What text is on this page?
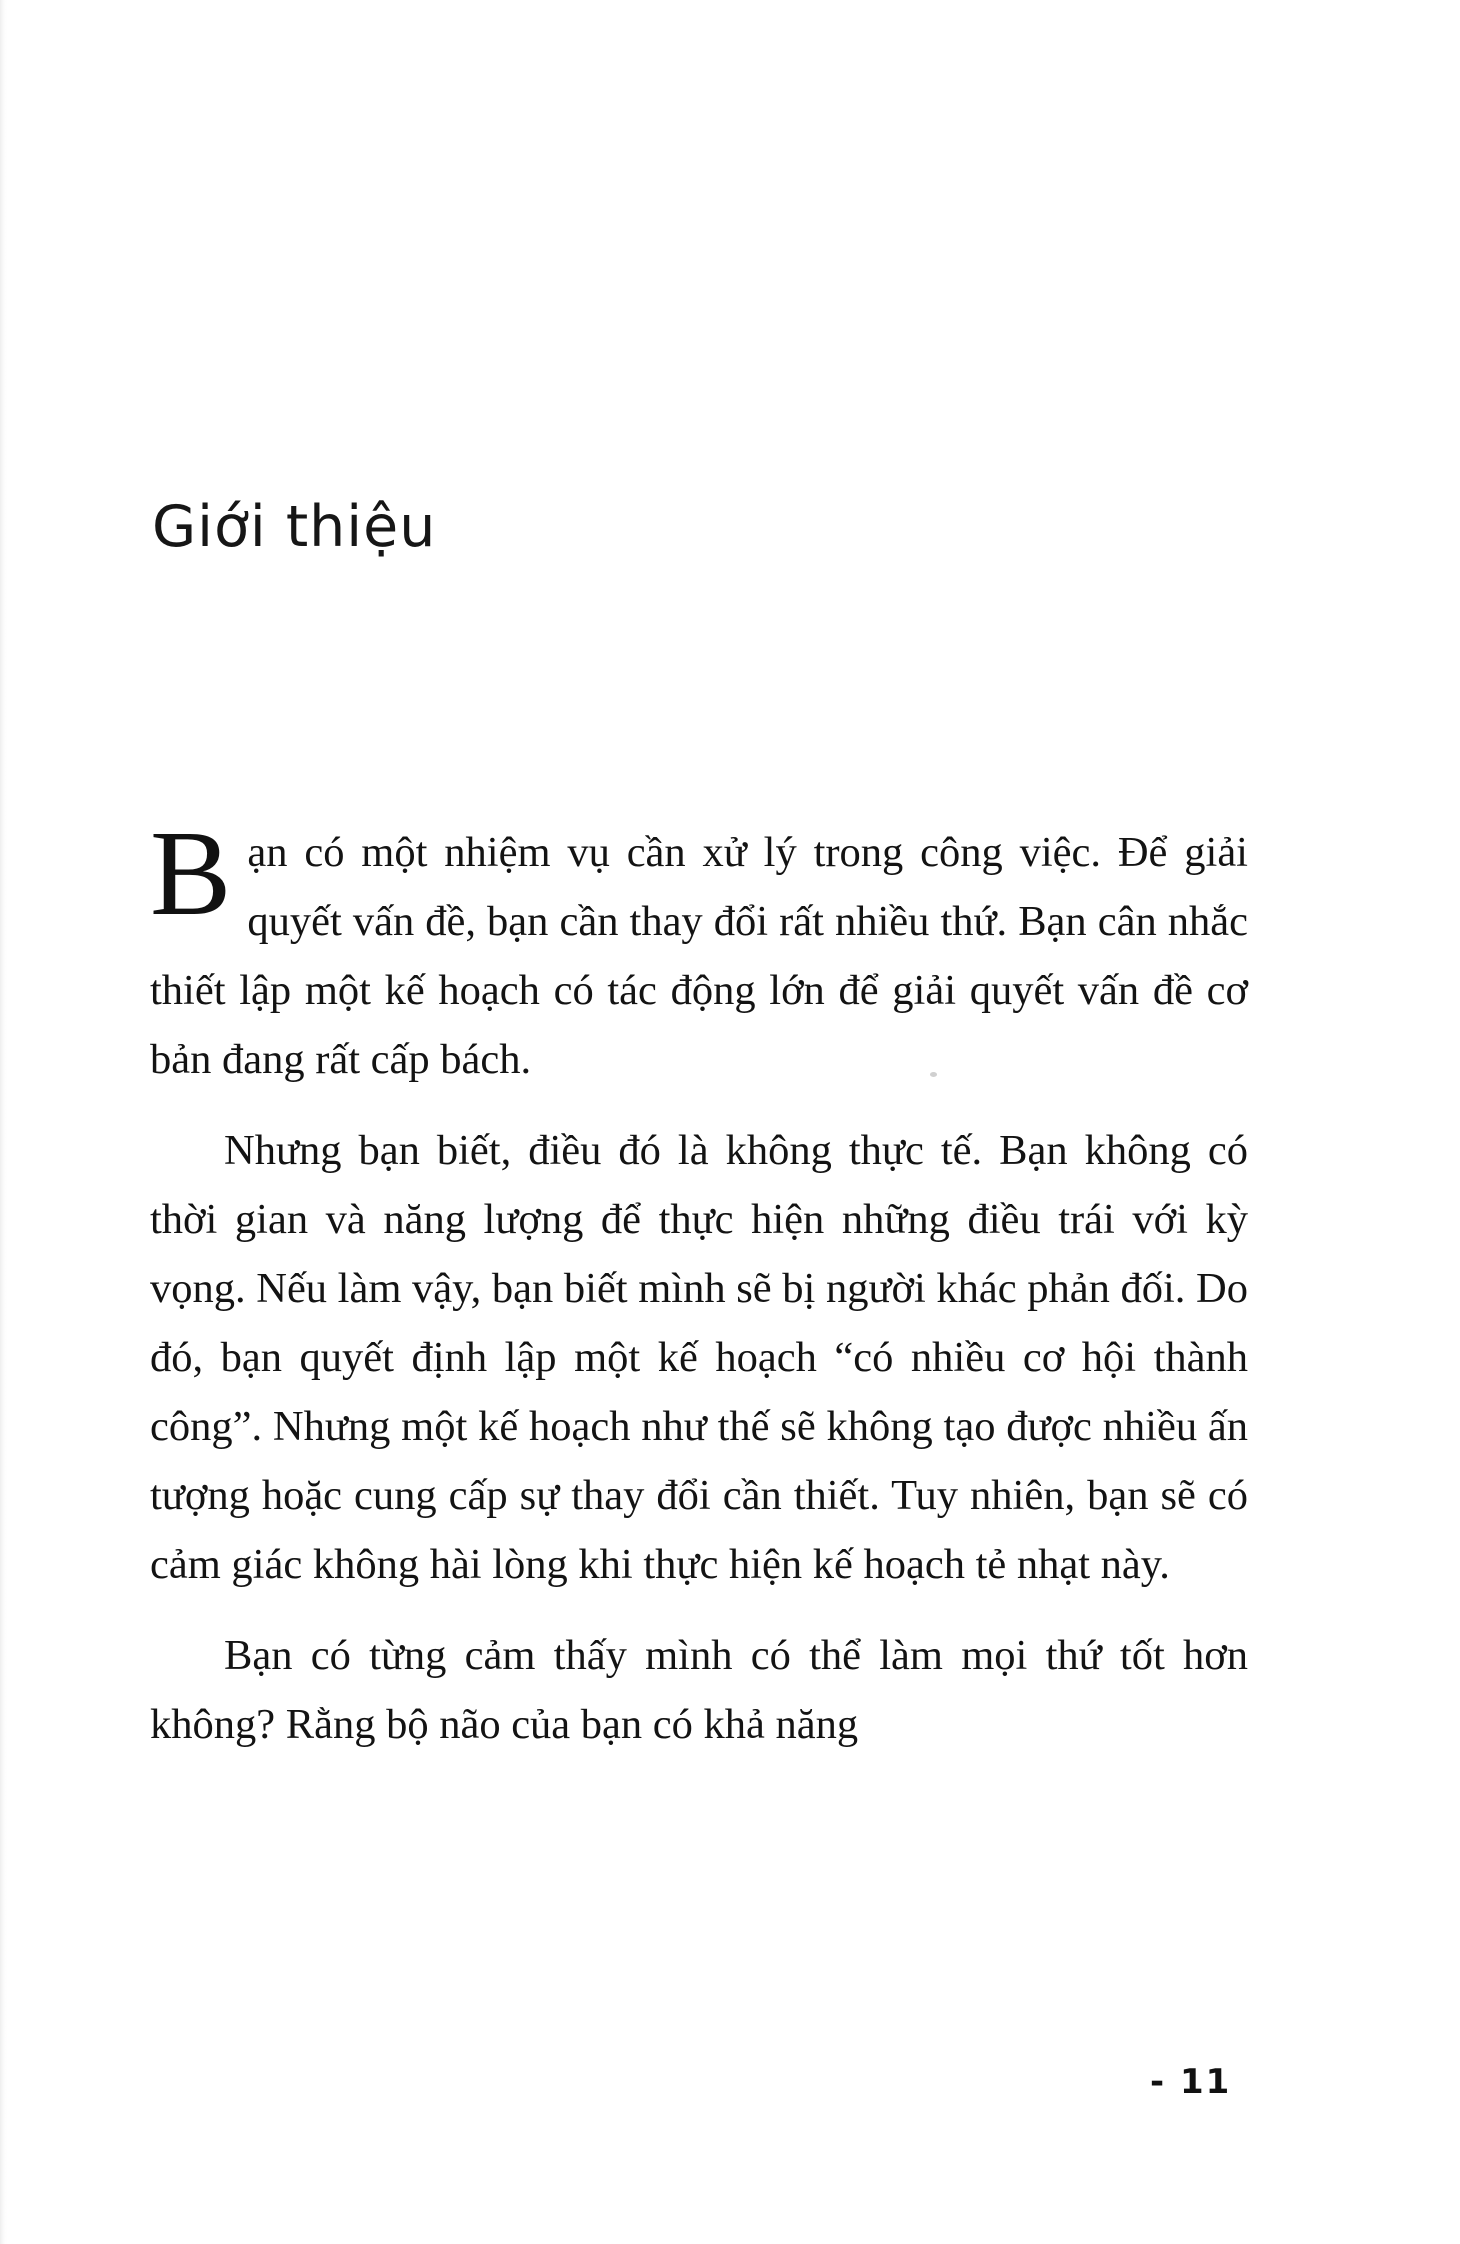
Giới thiệu

Bạn có một nhiệm vụ cần xử lý trong công việc. Để giải quyết vấn đề, bạn cần thay đổi rất nhiều thứ. Bạn cân nhắc thiết lập một kế hoạch có tác động lớn để giải quyết vấn đề cơ bản đang rất cấp bách.

Nhưng bạn biết, điều đó là không thực tế. Bạn không có thời gian và năng lượng để thực hiện những điều trái với kỳ vọng. Nếu làm vậy, bạn biết mình sẽ bị người khác phản đối. Do đó, bạn quyết định lập một kế hoạch “có nhiều cơ hội thành công”. Nhưng một kế hoạch như thế sẽ không tạo được nhiều ấn tượng hoặc cung cấp sự thay đổi cần thiết. Tuy nhiên, bạn sẽ có cảm giác không hài lòng khi thực hiện kế hoạch tẻ nhạt này.

Bạn có từng cảm thấy mình có thể làm mọi thứ tốt hơn không? Rằng bộ não của bạn có khả năng

- 11
